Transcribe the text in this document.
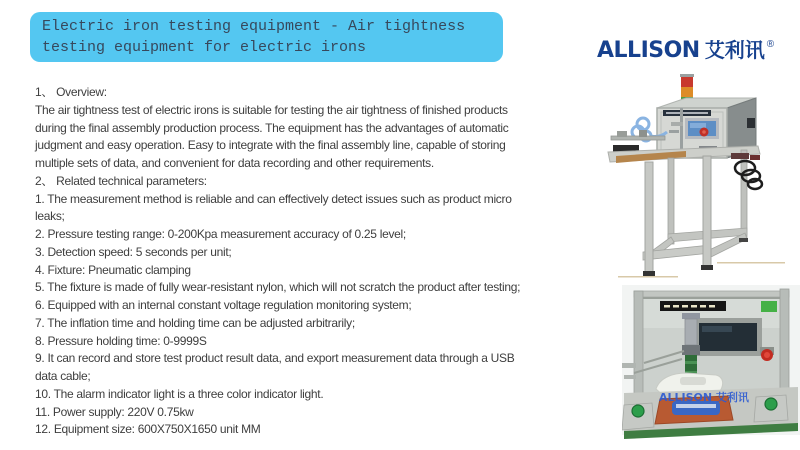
Electric iron testing equipment - Air tightness
testing equipment for electric irons	ALLISON 艾利讯 ®
1、 Overview:
The air tightness test of electric irons is suitable for testing the air tightness of finished products
during the final assembly production process. The equipment has the advantages of automatic
judgment and easy operation. Easy to integrate with the final assembly line, capable of storing
multiple sets of data, and convenient for data recording and other requirements.
2、 Related technical parameters:
1. The measurement method is reliable and can effectively detect issues such as product micro
leaks;
2. Pressure testing range: 0-200Kpa measurement accuracy of 0.25 level;
3. Detection speed: 5 seconds per unit;
4. Fixture: Pneumatic clamping
5. The fixture is made of fully wear-resistant nylon, which will not scratch the product after testing;
6. Equipped with an internal constant voltage regulation monitoring system;
7. The inflation time and holding time can be adjusted arbitrarily;
8. Pressure holding time: 0-9999S
9. It can record and store test product result data, and export measurement data through a USB
data cable;
10. The alarm indicator light is a three color indicator light.
11. Power supply: 220V 0.75kw
12. Equipment size: 600X750X1650 unit MM
ALLISON 艾利讯
